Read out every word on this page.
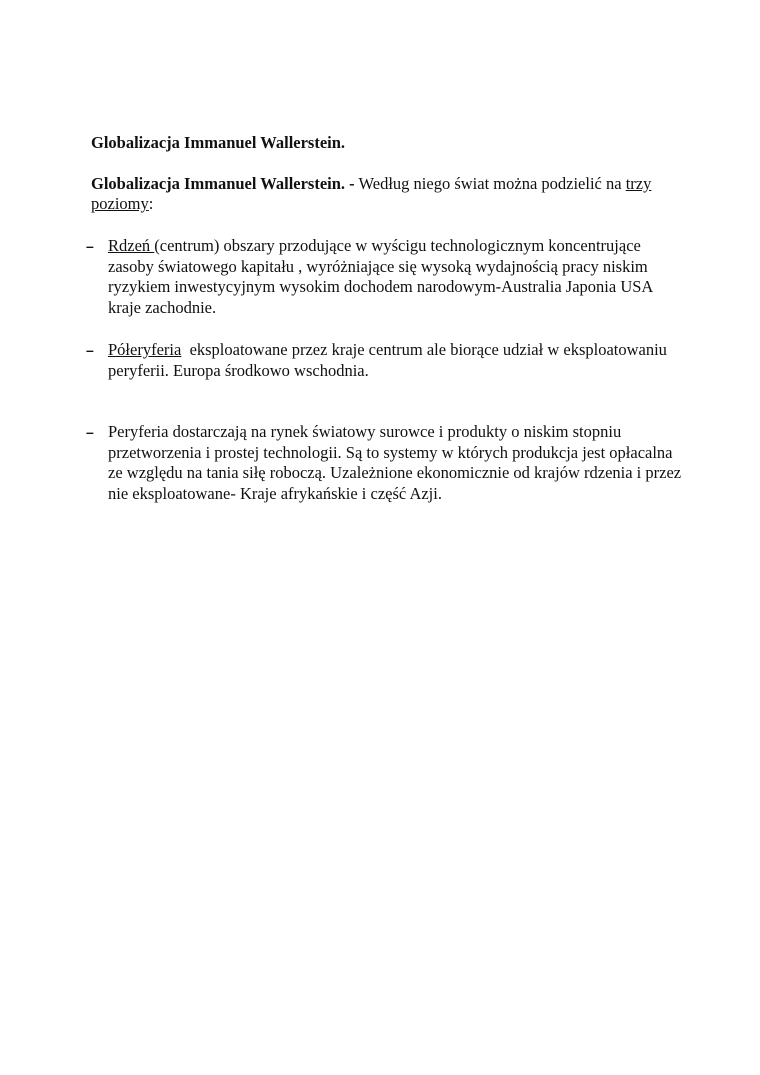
Globalizacja Immanuel Wallerstein.
Globalizacja Immanuel Wallerstein. - Według niego świat można podzielić na trzy poziomy:
– Rdzeń (centrum) obszary przodujące w wyścigu technologicznym koncentrujące zasoby światowego kapitału , wyróżniające się wysoką wydajnością pracy niskim ryzykiem inwestycyjnym wysokim dochodem narodowym-Australia Japonia USA kraje zachodnie.
– Półeryferia  eksploatowane przez kraje centrum ale biorące udział w eksploatowaniu peryferii. Europa środkowo wschodnia.
– Peryferia dostarczają na rynek światowy surowce i produkty o niskim stopniu przetworzenia i prostej technologii. Są to systemy w których produkcja jest opłacalna ze względu na tania siłę roboczą. Uzależnione ekonomicznie od krajów rdzenia i przez nie eksploatowane- Kraje afrykańskie i część Azji.
